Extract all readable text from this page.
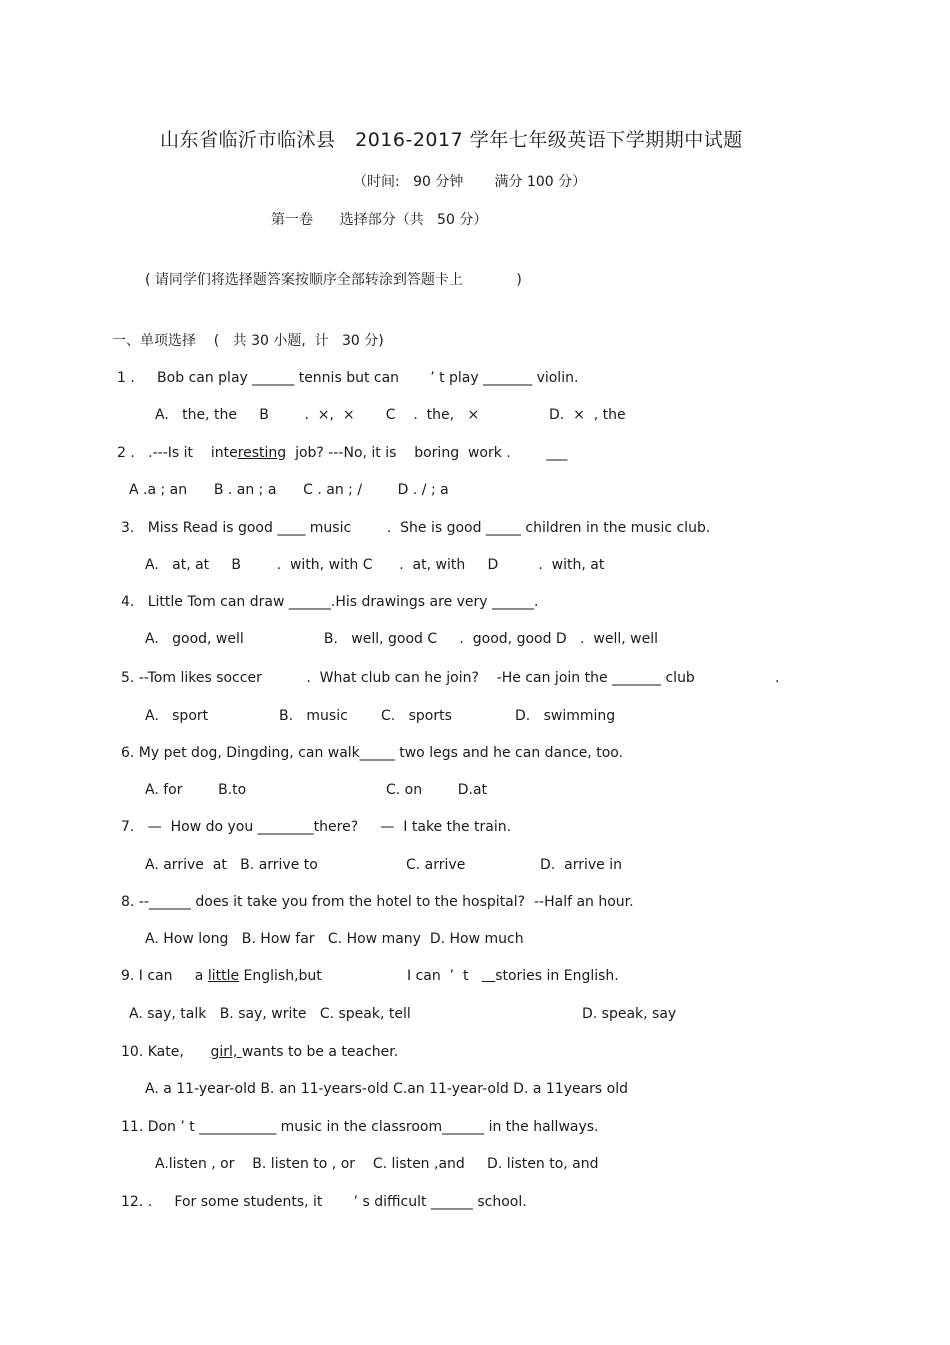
山东省临沂市临沭县   2016-2017 学年七年级英语下学期期中试题
（时间:   90 分钟       满分 100 分）
第一卷      选择部分（共   50 分）
( 请同学们将选择题答案按顺序全部转涂到答题卡上            )
一、单项选择    (   共 30 小题,  计   30 分)
1 .     Bob can play ______ tennis but can       ’ t play _______ violin.
A.   the, the     B        .  ×,  ×       C    .  the,   ×	D.  ×  , the
2 .   .---Is it    interesting  job? ---No, it is    boring  work .        ___
A .a ; an      B . an ; a      C . an ; /        D . / ; a
3.   Miss Read is good ____ music        .  She is good _____ children in the music club.
A.   at, at     B        .  with, with C      .  at, with     D         .  with, at
4.   Little Tom can draw ______.His drawings are very ______.
A.   good, well                  B.   well, good C     .  good, good D   .  well, well
5. --Tom likes soccer          .  What club can he join?    -He can join the _______ club	.
A.   sport	B.   music C.   sports	D.   swimming
6. My pet dog, Dingding, can walk_____ two legs and he can dance, too.
A. for        B.to	C. on        D.at
7.   —  How do you ________there?     —  I take the train.
A. arrive  at   B. arrive to	C. arrive	D.  arrive in
8. --______ does it take you from the hotel to the hospital?  --Half an hour.
A. How long   B. How far   C. How many  D. How much
9. I can     a little English,but	I can  ’  t      stories in English.
A. say, talk   B. say, write   C. speak, tell	D. speak, say
10. Kate,      girl, wants to be a teacher.
A. a 11-year-old B. an 11-years-old C.an 11-year-old D. a 11years old
11. Don ’ t ___________ music in the classroom______ in the hallways.
A.listen , or    B. listen to , or    C. listen ,and     D. listen to, and
12. .     For some students, it       ’ s difficult ______ school.
